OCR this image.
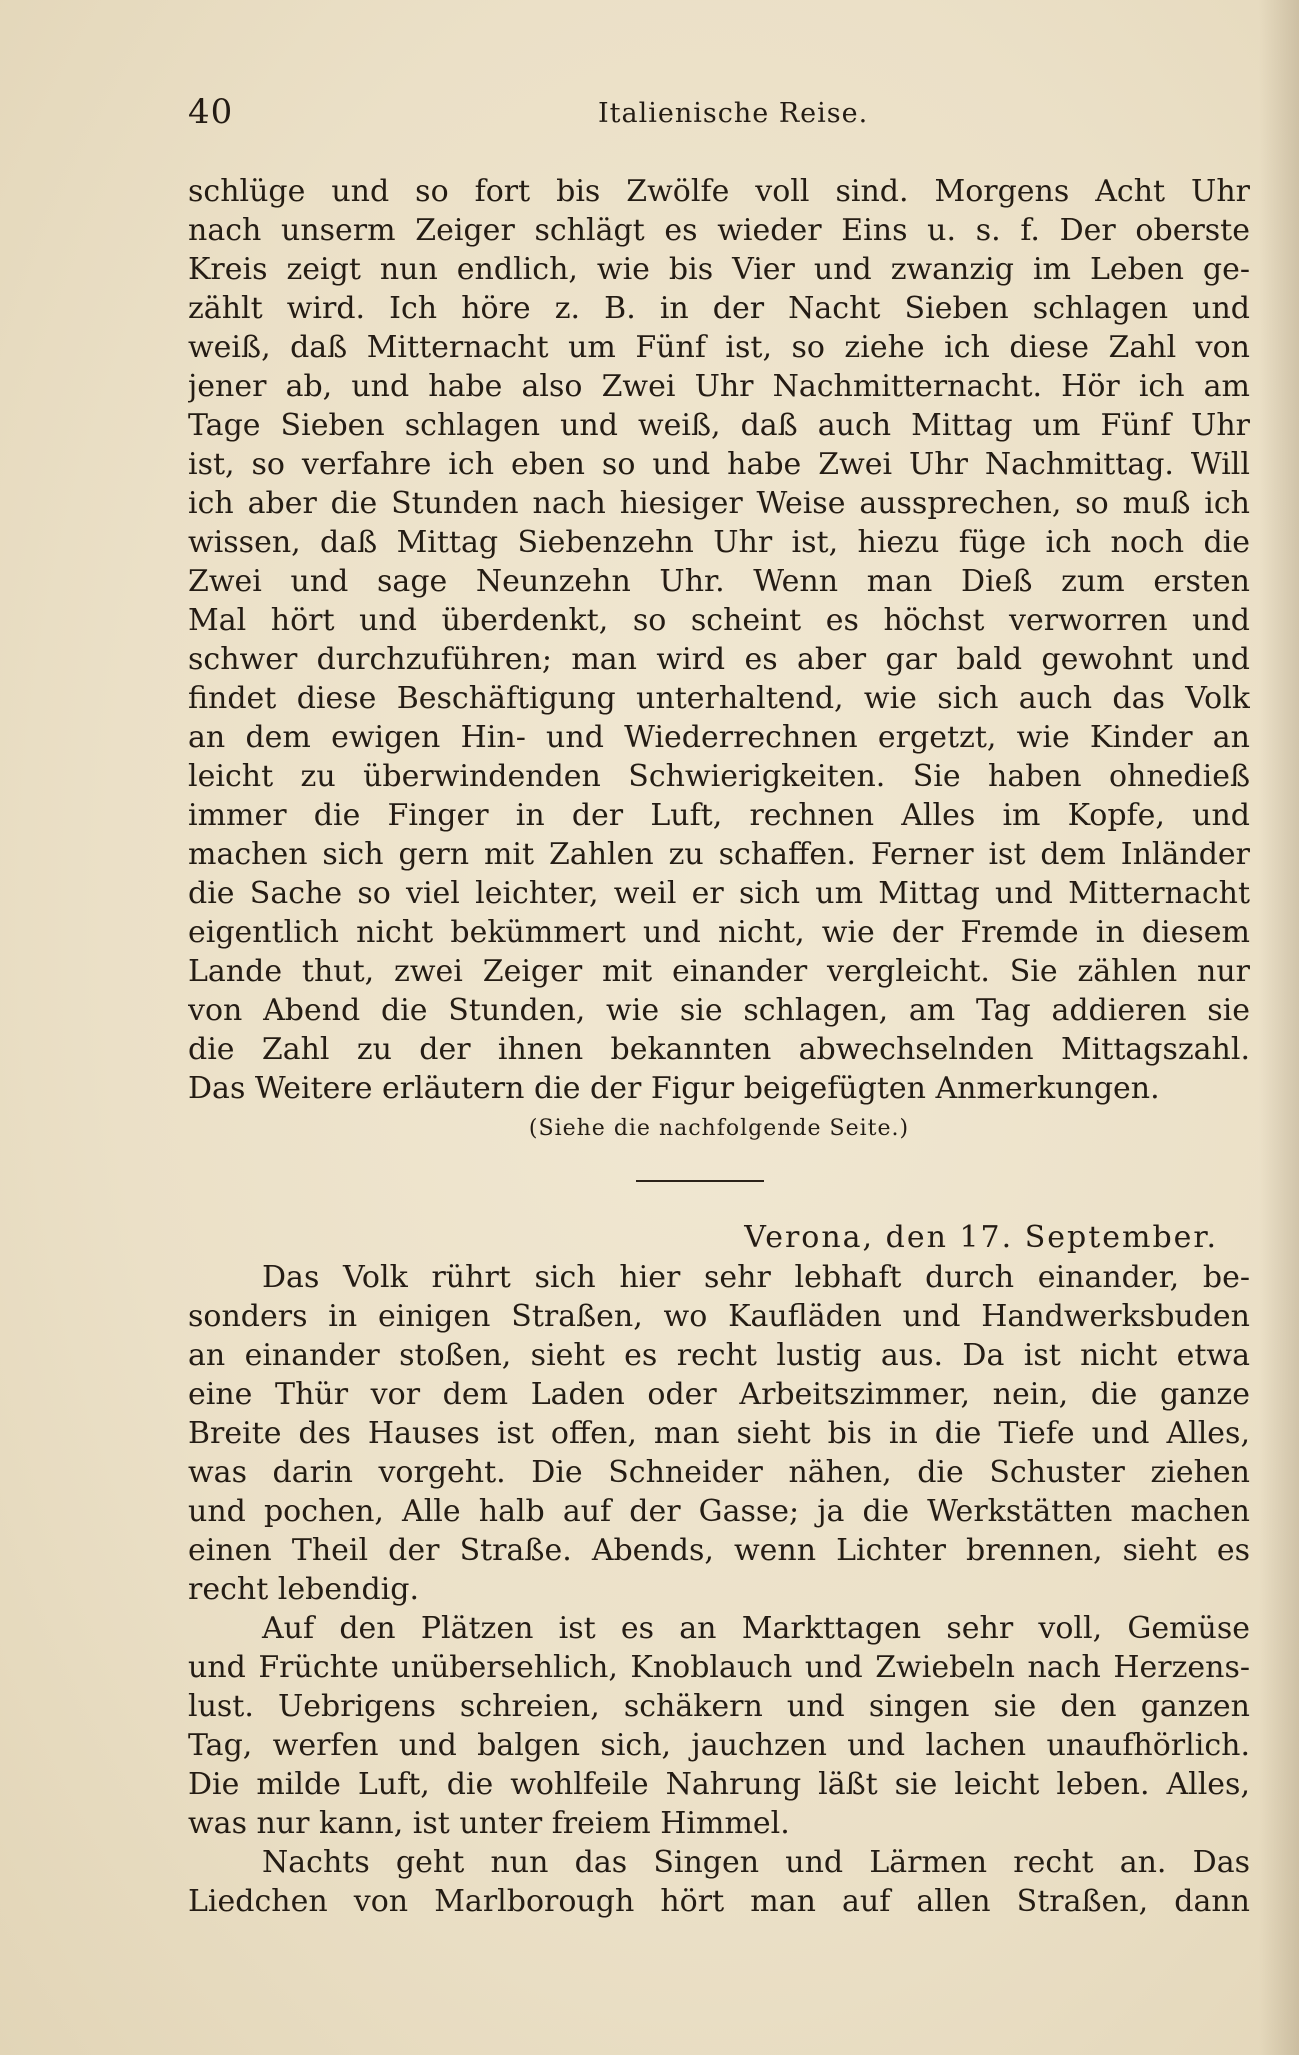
40	Italienische Reise.
schlüge und so fort bis Zwölfe voll sind. Morgens Acht Uhr
nach unserm Zeiger schlägt es wieder Eins u. s. f. Der oberste
Kreis zeigt nun endlich, wie bis Vier und zwanzig im Leben ge-
zählt wird. Ich höre z. B. in der Nacht Sieben schlagen und
weiß, daß Mitternacht um Fünf ist, so ziehe ich diese Zahl von
jener ab, und habe also Zwei Uhr Nachmitternacht. Hör ich am
Tage Sieben schlagen und weiß, daß auch Mittag um Fünf Uhr
ist, so verfahre ich eben so und habe Zwei Uhr Nachmittag. Will
ich aber die Stunden nach hiesiger Weise aussprechen, so muß ich
wissen, daß Mittag Siebenzehn Uhr ist, hiezu füge ich noch die
Zwei und sage Neunzehn Uhr. Wenn man Dieß zum ersten
Mal hört und überdenkt, so scheint es höchst verworren und
schwer durchzuführen; man wird es aber gar bald gewohnt und
findet diese Beschäftigung unterhaltend, wie sich auch das Volk
an dem ewigen Hin- und Wiederrechnen ergetzt, wie Kinder an
leicht zu überwindenden Schwierigkeiten. Sie haben ohnedieß
immer die Finger in der Luft, rechnen Alles im Kopfe, und
machen sich gern mit Zahlen zu schaffen. Ferner ist dem Inländer
die Sache so viel leichter, weil er sich um Mittag und Mitternacht
eigentlich nicht bekümmert und nicht, wie der Fremde in diesem
Lande thut, zwei Zeiger mit einander vergleicht. Sie zählen nur
von Abend die Stunden, wie sie schlagen, am Tag addieren sie
die Zahl zu der ihnen bekannten abwechselnden Mittagszahl.
Das Weitere erläutern die der Figur beigefügten Anmerkungen.
(Siehe die nachfolgende Seite.)
Verona, den 17. September.
Das Volk rührt sich hier sehr lebhaft durch einander, be-
sonders in einigen Straßen, wo Kaufläden und Handwerksbuden
an einander stoßen, sieht es recht lustig aus. Da ist nicht etwa
eine Thür vor dem Laden oder Arbeitszimmer, nein, die ganze
Breite des Hauses ist offen, man sieht bis in die Tiefe und Alles,
was darin vorgeht. Die Schneider nähen, die Schuster ziehen
und pochen, Alle halb auf der Gasse; ja die Werkstätten machen
einen Theil der Straße. Abends, wenn Lichter brennen, sieht es
recht lebendig.
Auf den Plätzen ist es an Markttagen sehr voll, Gemüse
und Früchte unübersehlich, Knoblauch und Zwiebeln nach Herzens-
lust. Uebrigens schreien, schäkern und singen sie den ganzen
Tag, werfen und balgen sich, jauchzen und lachen unaufhörlich.
Die milde Luft, die wohlfeile Nahrung läßt sie leicht leben. Alles,
was nur kann, ist unter freiem Himmel.
Nachts geht nun das Singen und Lärmen recht an. Das
Liedchen von Marlborough hört man auf allen Straßen, dann
